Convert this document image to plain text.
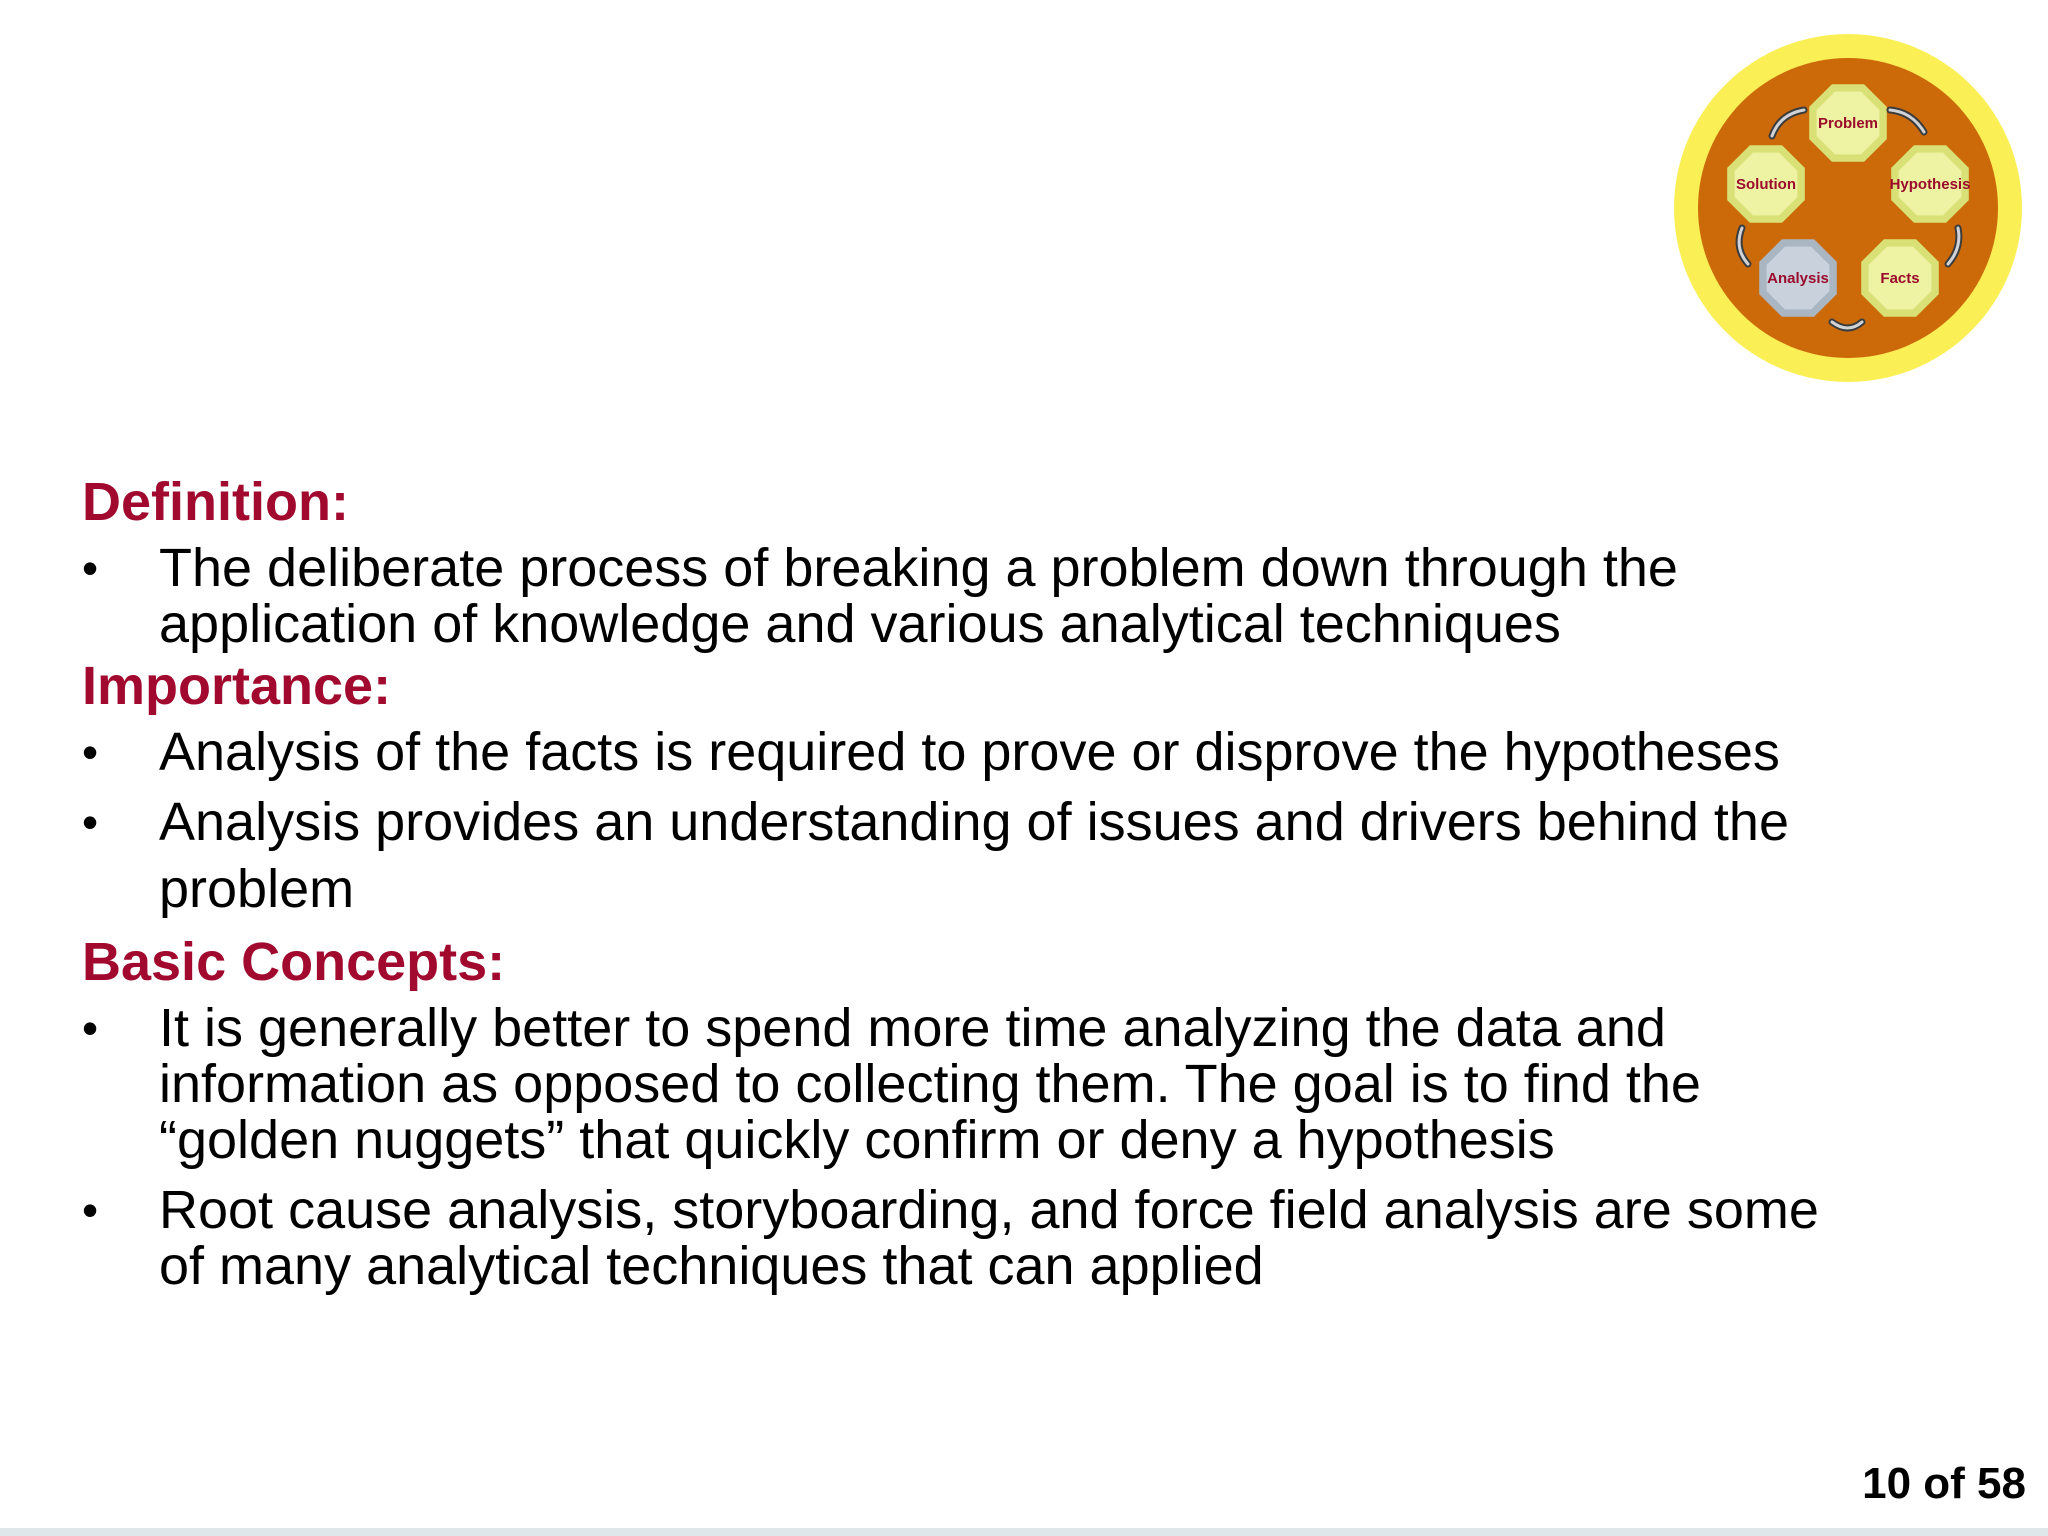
Problem
Hypothesis
Facts
Analysis
Solution
Definition:
•	The deliberate process of breaking a problem down through the
application of knowledge and various analytical techniques
Importance:
•	Analysis of the facts is required to prove or disprove the hypotheses
•	Analysis provides an understanding of issues and drivers behind the
problem
Basic Concepts:
•	It is generally better to spend more time analyzing the data and
information as opposed to collecting them. The goal is to find the
“golden nuggets” that quickly confirm or deny a hypothesis
•	Root cause analysis, storyboarding, and force field analysis are some
of many analytical techniques that can applied
10 of 58
